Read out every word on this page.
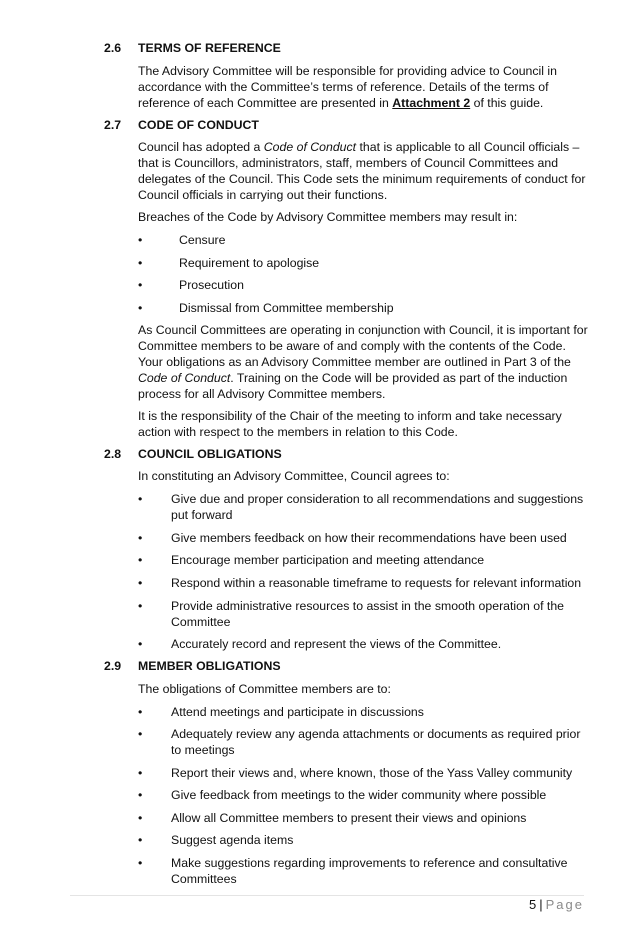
2.6 TERMS OF REFERENCE
The Advisory Committee will be responsible for providing advice to Council in accordance with the Committee’s terms of reference. Details of the terms of reference of each Committee are presented in Attachment 2 of this guide.
2.7 CODE OF CONDUCT
Council has adopted a Code of Conduct that is applicable to all Council officials – that is Councillors, administrators, staff, members of Council Committees and delegates of the Council. This Code sets the minimum requirements of conduct for Council officials in carrying out their functions.
Breaches of the Code by Advisory Committee members may result in:
•	Censure
•	Requirement to apologise
•	Prosecution
•	Dismissal from Committee membership
As Council Committees are operating in conjunction with Council, it is important for Committee members to be aware of and comply with the contents of the Code. Your obligations as an Advisory Committee member are outlined in Part 3 of the Code of Conduct. Training on the Code will be provided as part of the induction process for all Advisory Committee members.
It is the responsibility of the Chair of the meeting to inform and take necessary action with respect to the members in relation to this Code.
2.8 COUNCIL OBLIGATIONS
In constituting an Advisory Committee, Council agrees to:
• Give due and proper consideration to all recommendations and suggestions put forward
• Give members feedback on how their recommendations have been used
• Encourage member participation and meeting attendance
• Respond within a reasonable timeframe to requests for relevant information
• Provide administrative resources to assist in the smooth operation of the Committee
• Accurately record and represent the views of the Committee.
2.9 MEMBER OBLIGATIONS
The obligations of Committee members are to:
• Attend meetings and participate in discussions
• Adequately review any agenda attachments or documents as required prior to meetings
• Report their views and, where known, those of the Yass Valley community
• Give feedback from meetings to the wider community where possible
• Allow all Committee members to present their views and opinions
• Suggest agenda items
• Make suggestions regarding improvements to reference and consultative Committees
5 | Page
